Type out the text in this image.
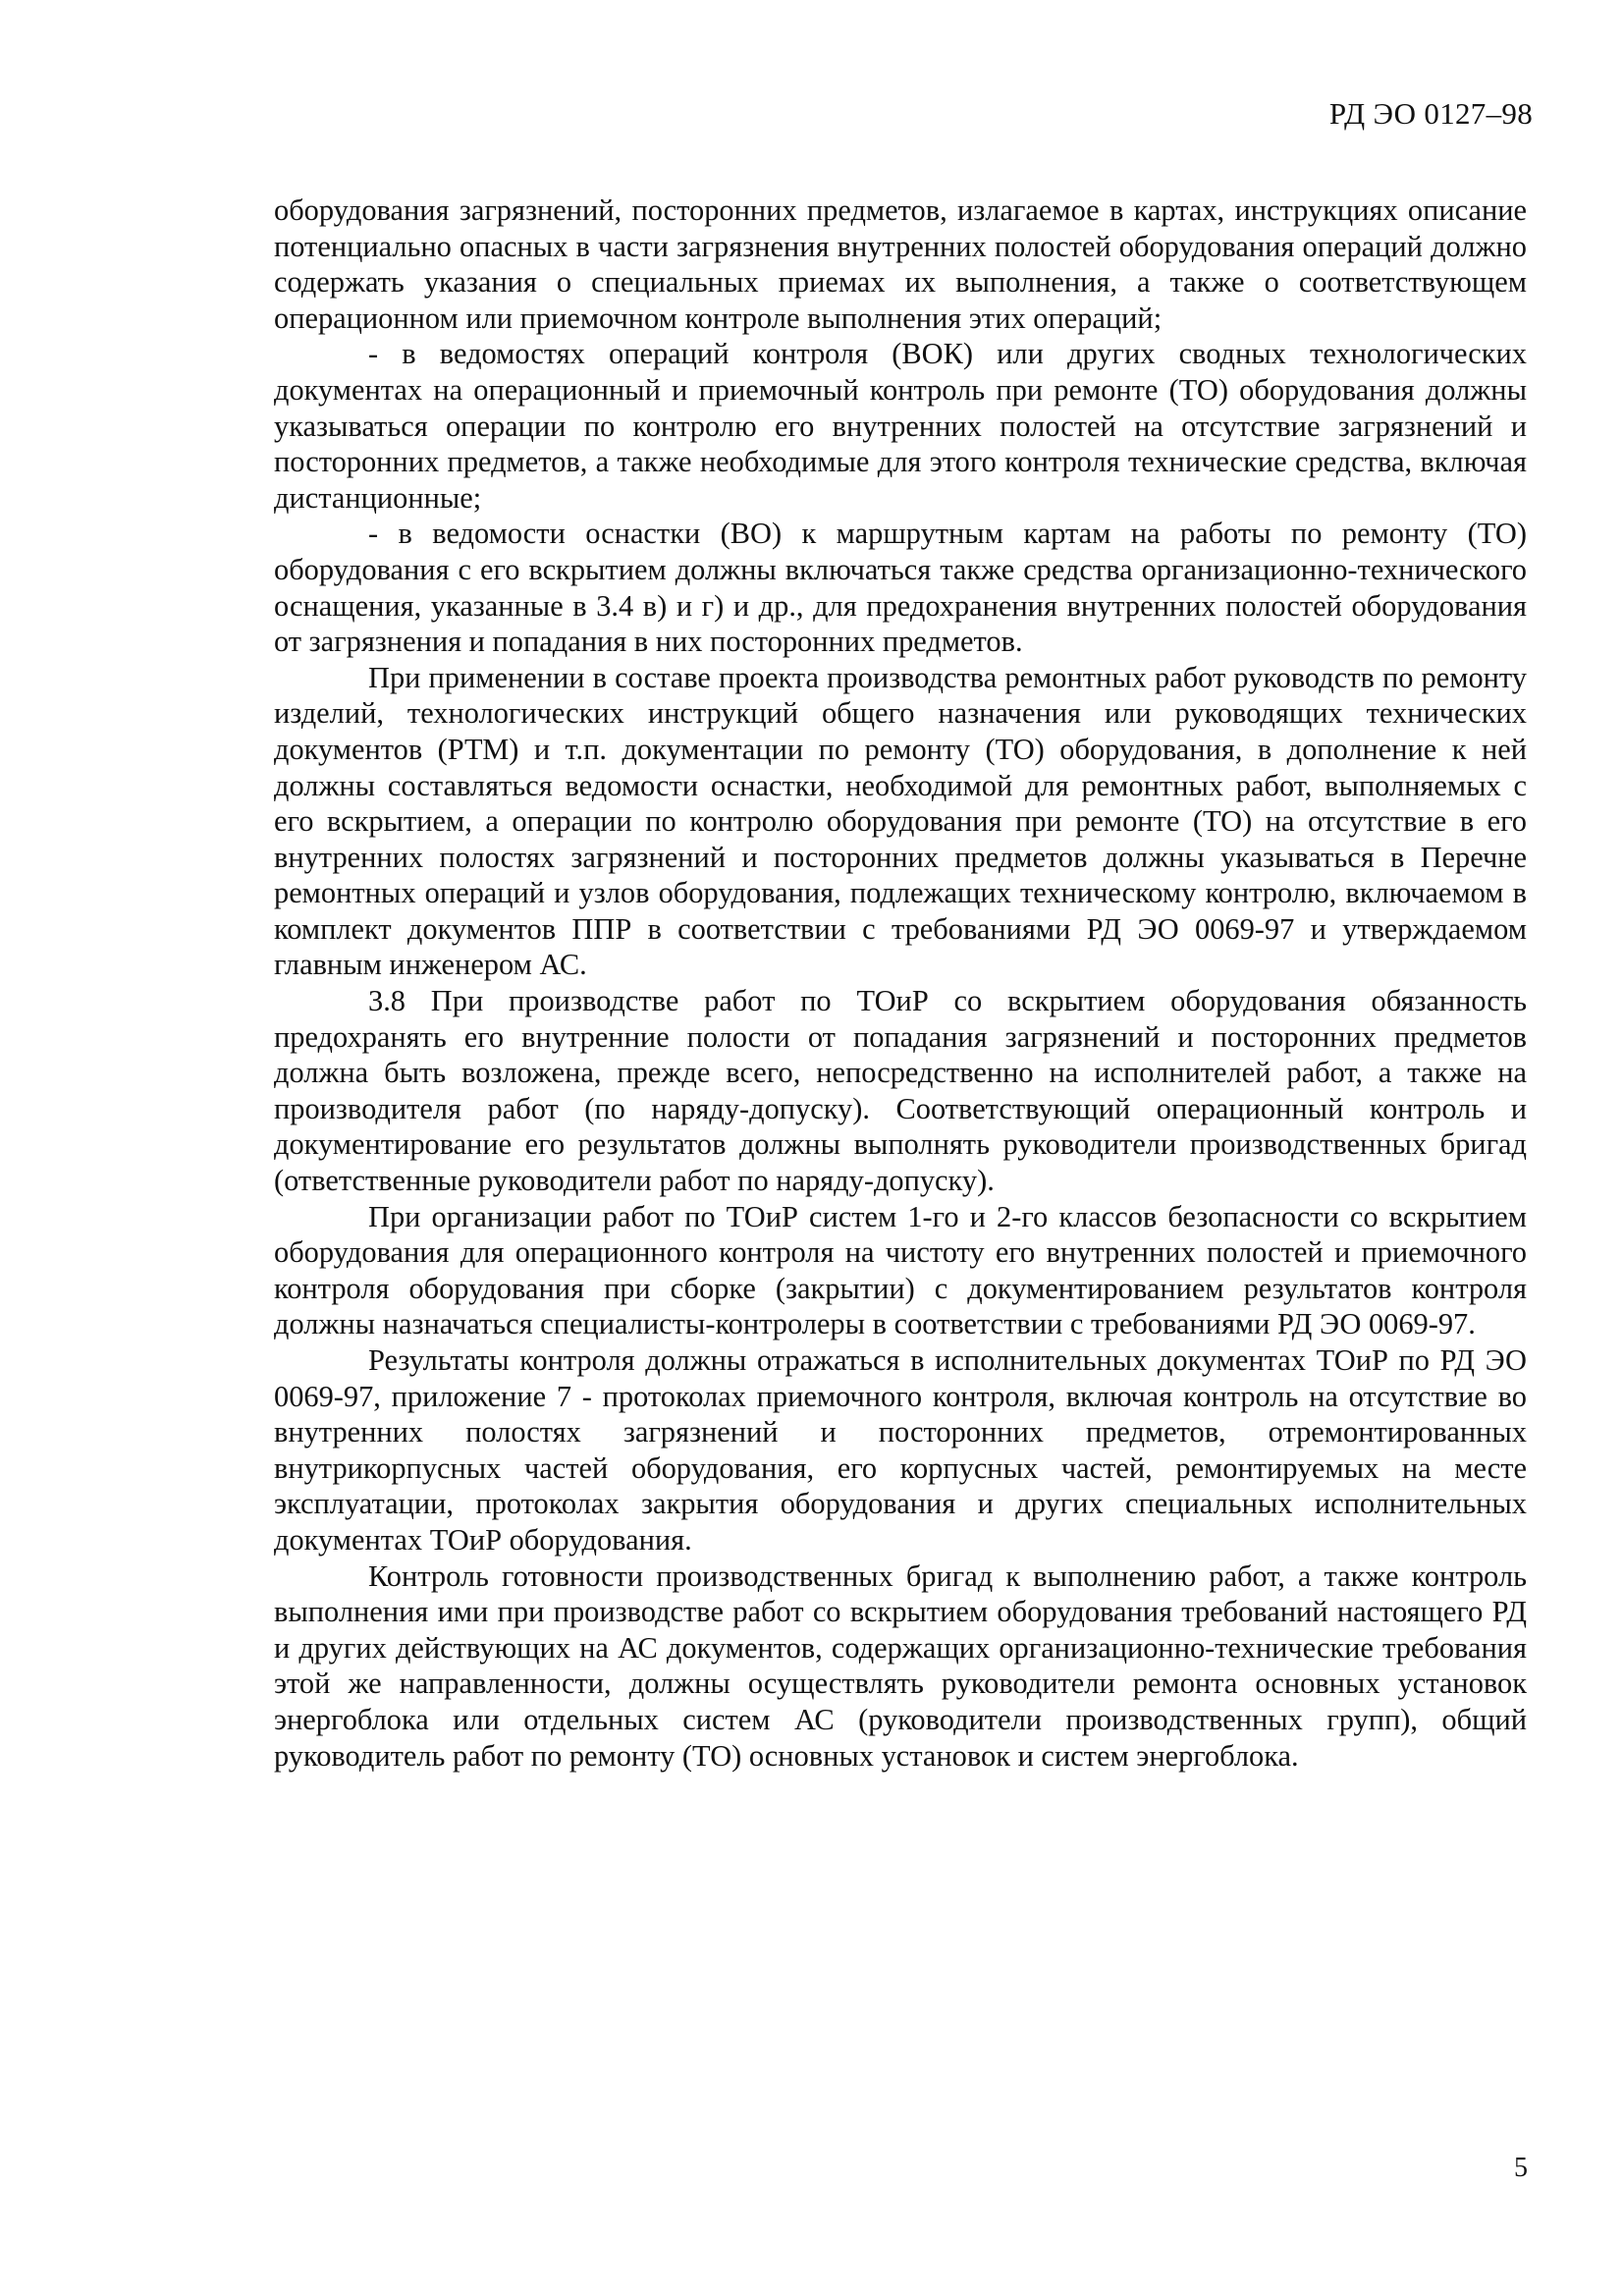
РД ЭО 0127–98

оборудования загрязнений, посторонних предметов, излагаемое в картах, инструкциях описание потенциально опасных в части загрязнения внутренних полостей оборудования операций должно содержать указания о специальных приемах их выполнения, а также о соответствующем операционном или приемочном контроле выполнения этих операций;

- в ведомостях операций контроля (ВОК) или других сводных технологических документах на операционный и приемочный контроль при ремонте (ТО) оборудования должны указываться операции по контролю его внутренних полостей на отсутствие загрязнений и посторонних предметов, а также необходимые для этого контроля технические средства, включая дистанционные;

- в ведомости оснастки (ВО) к маршрутным картам на работы по ремонту (ТО) оборудования с его вскрытием должны включаться также средства организационно-технического оснащения, указанные в 3.4 в) и г) и др., для предохранения внутренних полостей оборудования от загрязнения и попадания в них посторонних предметов.

При применении в составе проекта производства ремонтных работ руководств по ремонту изделий, технологических инструкций общего назначения или руководящих технических документов (РТМ) и т.п. документации по ремонту (ТО) оборудования, в дополнение к ней должны составляться ведомости оснастки, необходимой для ремонтных работ, выполняемых с его вскрытием, а операции по контролю оборудования при ремонте (ТО) на отсутствие в его внутренних полостях загрязнений и посторонних предметов должны указываться в Перечне ремонтных операций и узлов оборудования, подлежащих техническому контролю, включаемом в комплект документов ППР в соответствии с требованиями РД ЭО 0069-97 и утверждаемом главным инженером АС.

3.8 При производстве работ по ТОиР со вскрытием оборудования обязанность предохранять его внутренние полости от попадания загрязнений и посторонних предметов должна быть возложена, прежде всего, непосредственно на исполнителей работ, а также на производителя работ (по наряду-допуску). Соответствующий операционный контроль и документирование его результатов должны выполнять руководители производственных бригад (ответственные руководители работ по наряду-допуску).

При организации работ по ТОиР систем 1-го и 2-го классов безопасности со вскрытием оборудования для операционного контроля на чистоту его внутренних полостей и приемочного контроля оборудования при сборке (закрытии) с документированием результатов контроля должны назначаться специалисты-контролеры в соответствии с требованиями РД ЭО 0069-97.

Результаты контроля должны отражаться в исполнительных документах ТОиР по РД ЭО 0069-97, приложение 7 - протоколах приемочного контроля, включая контроль на отсутствие во внутренних полостях загрязнений и посторонних предметов, отремонтированных внутрикорпусных частей оборудования, его корпусных частей, ремонтируемых на месте эксплуатации, протоколах закрытия оборудования и других специальных исполнительных документах ТОиР оборудования.

Контроль готовности производственных бригад к выполнению работ, а также контроль выполнения ими при производстве работ со вскрытием оборудования требований настоящего РД и других действующих на АС документов, содержащих организационно-технические требования этой же направленности, должны осуществлять руководители ремонта основных установок энергоблока или отдельных систем АС (руководители производственных групп), общий руководитель работ по ремонту (ТО) основных установок и систем энергоблока.

5
